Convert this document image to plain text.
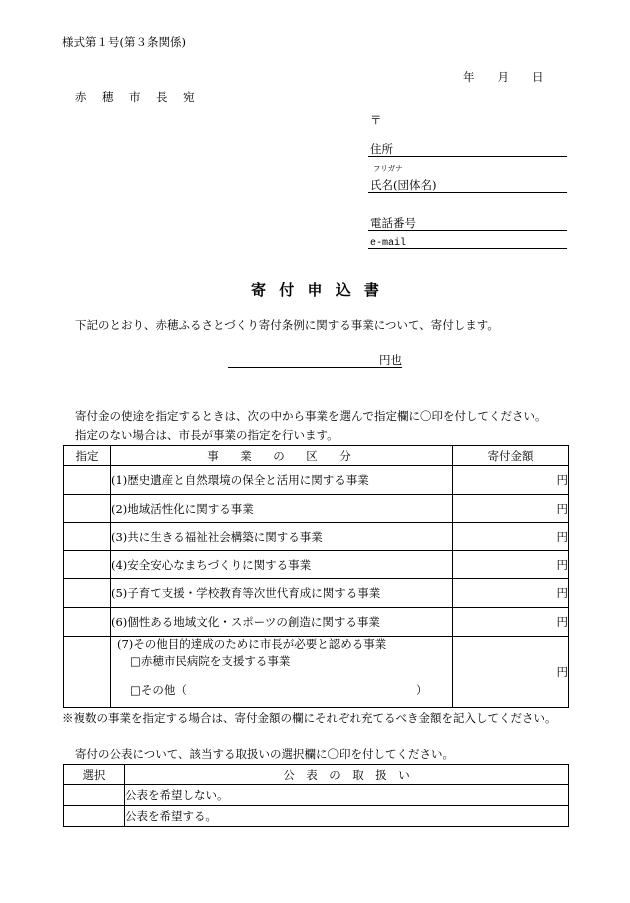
様式第１号(第３条関係)
年　　月　　日
赤　穂　市　長　宛
〒
住所
フリガナ
氏名(団体名)
電話番号
e-mail
寄 付 申 込 書
下記のとおり、赤穂ふるさとづくり寄付条例に関する事業について、寄付します。
円也
寄付金の使途を指定するときは、次の中から事業を選んで指定欄に〇印を付してください。
指定のない場合は、市長が事業の指定を行います。
指定	事　業　の　区　分	寄付金額
	(1)歴史遺産と自然環境の保全と活用に関する事業	円
	(2)地域活性化に関する事業	円
	(3)共に生きる福祉社会構築に関する事業	円
	(4)安全安心なまちづくりに関する事業	円
	(5)子育て支援・学校教育等次世代育成に関する事業	円
	(6)個性ある地域文化・スポーツの創造に関する事業	円

	(7)その他目的達成のために市長が必要と認める事業
□赤穂市民病院を支援する事業
□その他（ ）	円
※複数の事業を指定する場合は、寄付金額の欄にそれぞれ充てるべき金額を記入してください。
寄付の公表について、該当する取扱いの選択欄に〇印を付してください。
選択	公　表　の　取　扱　い
	公表を希望しない。
	公表を希望する。
